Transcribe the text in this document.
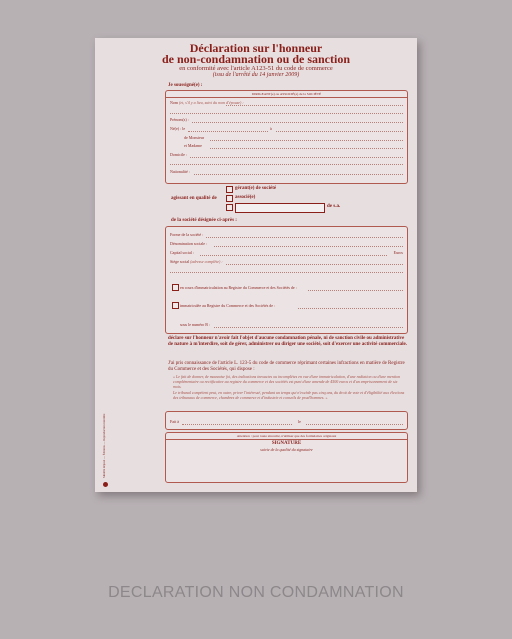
Déclaration sur l'honneur
de non-condamnation ou de sanction
en conformité avec l'article A123-51 du code de commerce
(issu de l'arrêté du 14 janvier 2009)
Je soussigné(e) :
DIRIGEANT(e) ou ASSOCIÉ(e) de la SOCIÉTÉ
Nom (et, s'il y a lieu, suivi du nom d'épouse) :
Prénom(s) :
Né(e) : le	à
de Monsieur
et Madame
Domicile :
Nationalité :
agissant en qualité de
gérant(e) de société
associé(e)
de s.a.
de la société désignée ci-après :
Forme de la société :
Dénomination sociale :
Capital social :	Euros
Siège social (adresse complète) :
en cours d'immatriculation au Registre du Commerce et des Sociétés de :
immatriculée au Registre du Commerce et des Sociétés de :
sous le numéro B :
déclare sur l'honneur n'avoir fait l'objet d'aucune condamnation pénale, ni de sanction civile ou administrative de nature à m'interdire, soit de gérer, administrer ou diriger une société, soit d'exercer une activité commerciale.
J'ai pris connaissance de l'article L. 123-5 du code de commerce réprimant certaines infractions en matière de Registre du Commerce et des Sociétés, qui dispose :
« Le fait de donner, de mauvaise foi, des indications inexactes ou incomplètes en vue d'une immatriculation, d'une radiation ou d'une mention complémentaire ou rectificative au registre du commerce et des sociétés est puni d'une amende de 4500 euros et d'un emprisonnement de six mois.
Le tribunal compétent peut, en outre, priver l'intéressé, pendant un temps qui n'excède pas cinq ans, du droit de vote et d'éligibilité aux élections des tribunaux de commerce, chambres de commerce et d'industrie et conseils de prud'hommes. »
Fait à	le
Attention : pour toute sincerité, n'utiliser que des formulaires originaux
SIGNATURE
suivie de la qualité du signataire
Modèle déposé — Éditions — Reproduction interdite
DECLARATION NON CONDAMNATION
